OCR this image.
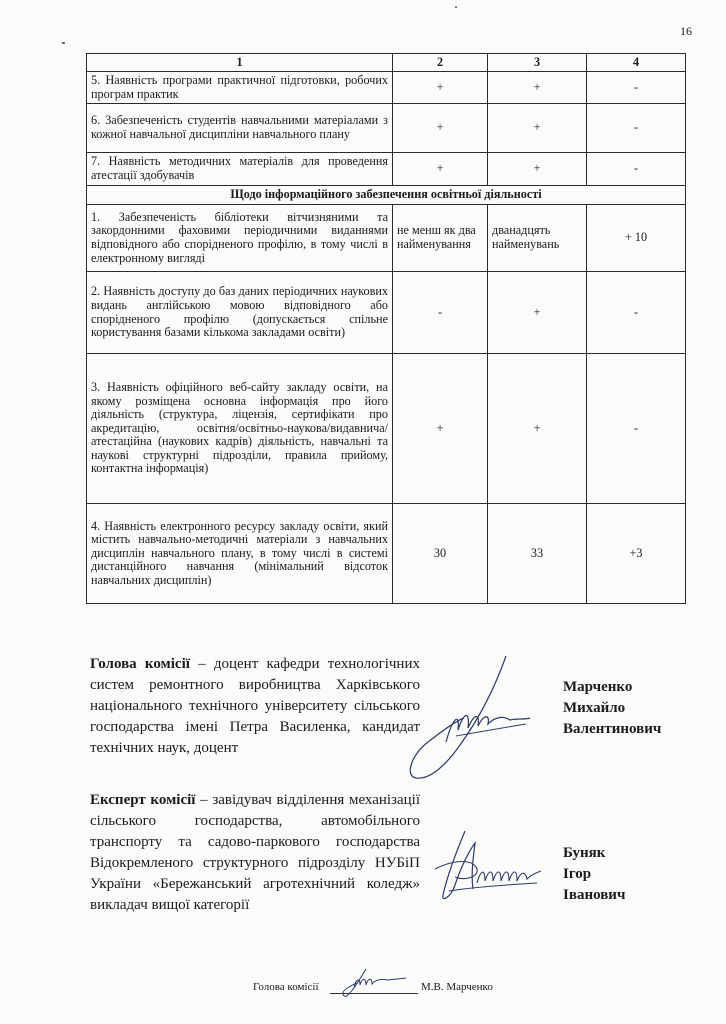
16
1	2	3	4
5. Наявність програми практичної підготовки, робочих програм практик	+	+	-
6. Забезпеченість студентів навчальними матеріалами з кожної навчальної дисципліни навчального плану	+	+	-
7. Наявність методичних матеріалів для проведення атестації здобувачів	+	+	-
Щодо інформаційного забезпечення освітньої діяльності			
1. Забезпеченість бібліотеки вітчизняними та закордонними фаховими періодичними виданнями відповідного або спорідненого профілю, в тому числі в електронному вигляді	не менш як два найменування	дванадцять найменувань	+ 10
2. Наявність доступу до баз даних періодичних наукових видань англійською мовою відповідного або спорідненого профілю (допускається спільне користування базами кількома закладами освіти)	-	+	-
3. Наявність офіційного веб-сайту закладу освіти, на якому розміщена основна інформація про його діяльність (структура, ліцензія, сертифікати про акредитацію, освітня/освітньо-наукова/видавнича/атестаційна (наукових кадрів) діяльність, навчальні та наукові структурні підрозділи, правила прийому, контактна інформація)	+	+	-
4. Наявність електронного ресурсу закладу освіти, який містить навчально-методичні матеріали з навчальних дисциплін навчального плану, в тому числі в системі дистанційного навчання (мінімальний відсоток навчальних дисциплін)	30	33	+3
Голова комісії – доцент кафедри технологічних систем ремонтного виробництва Харківського національного технічного університету сільського господарства імені Петра Василенка, кандидат технічних наук, доцент
Марченко
Михайло
Валентинович
Експерт комісії – завідувач відділення механізації сільського господарства, автомобільного транспорту та садово-паркового господарства Відокремленого структурного підрозділу НУБіП України «Бережанський агротехнічний коледж» викладач вищої категорії
Буняк
Ігор
Іванович
Голова комісії	М.В. Марченко
